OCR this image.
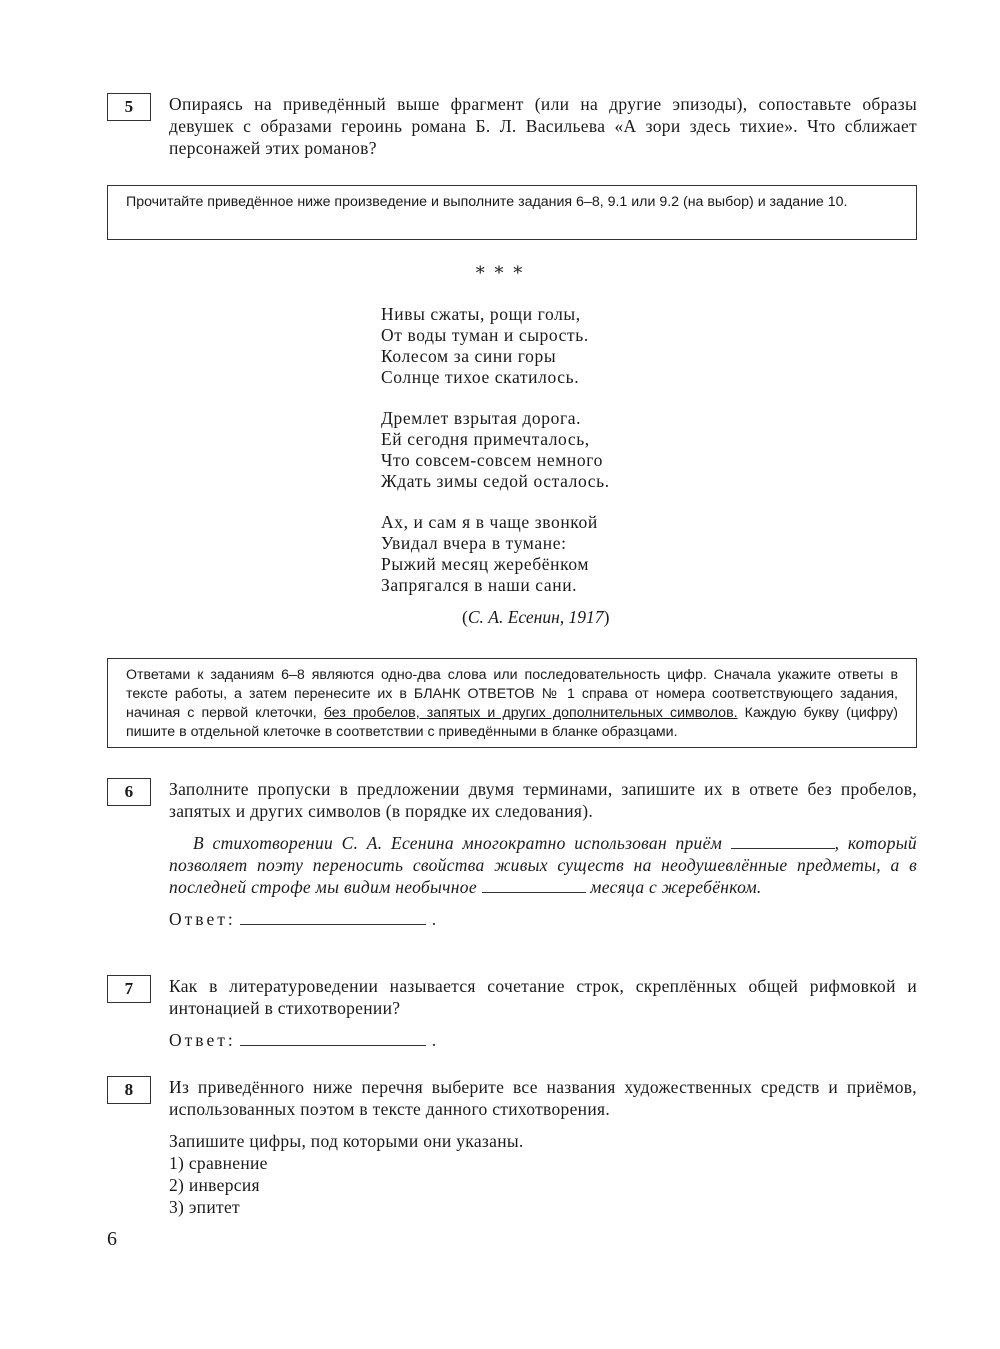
5	Опираясь на приведённый выше фрагмент (или на другие эпизоды), сопоставьте образы девушек с образами героинь романа Б. Л. Васильева «А зори здесь тихие». Что сближает персонажей этих романов?

Прочитайте приведённое ниже произведение и выполните задания 6–8, 9.1 или 9.2 (на выбор) и задание 10.
* * *
Нивы сжаты, рощи голы,
От воды туман и сырость.
Колесом за сини горы
Солнце тихое скатилось.
Дремлет взрытая дорога.
Ей сегодня примечталось,
Что совсем-совсем немного
Ждать зимы седой осталось.
Ах, и сам я в чаще звонкой
Увидал вчера в тумане:
Рыжий месяц жеребёнком
Запрягался в наши сани.
(С. А. Есенин, 1917)
Ответами к заданиям 6–8 являются одно-два слова или последовательность цифр. Сначала укажите ответы в тексте работы, а затем перенесите их в БЛАНК ОТВЕТОВ № 1 справа от номера соответствующего задания, начиная с первой клеточки, без пробелов, запятых и других дополнительных символов. Каждую букву (цифру) пишите в отдельной клеточке в соответствии с приведёнными в бланке образцами.
6	Заполните пропуски в предложении двумя терминами, запишите их в ответе без пробелов, запятых и других символов (в порядке их следования).

В стихотворении С. А. Есенина многократно использован приём	, который позволяет поэту переносить свойства живых существ на неодушевлённые предметы, а в последней строфе мы видим необычное	месяца с жеребёнком.

Ответ:	.
7	Как в литературоведении называется сочетание строк, скреплённых общей рифмовкой и интонацией в стихотворении?

Ответ:	.
8	Из приведённого ниже перечня выберите все названия художественных средств и приёмов, использованных поэтом в тексте данного стихотворения.

Запишите цифры, под которыми они указаны.

1) сравнение
2) инверсия
3) эпитет
6
